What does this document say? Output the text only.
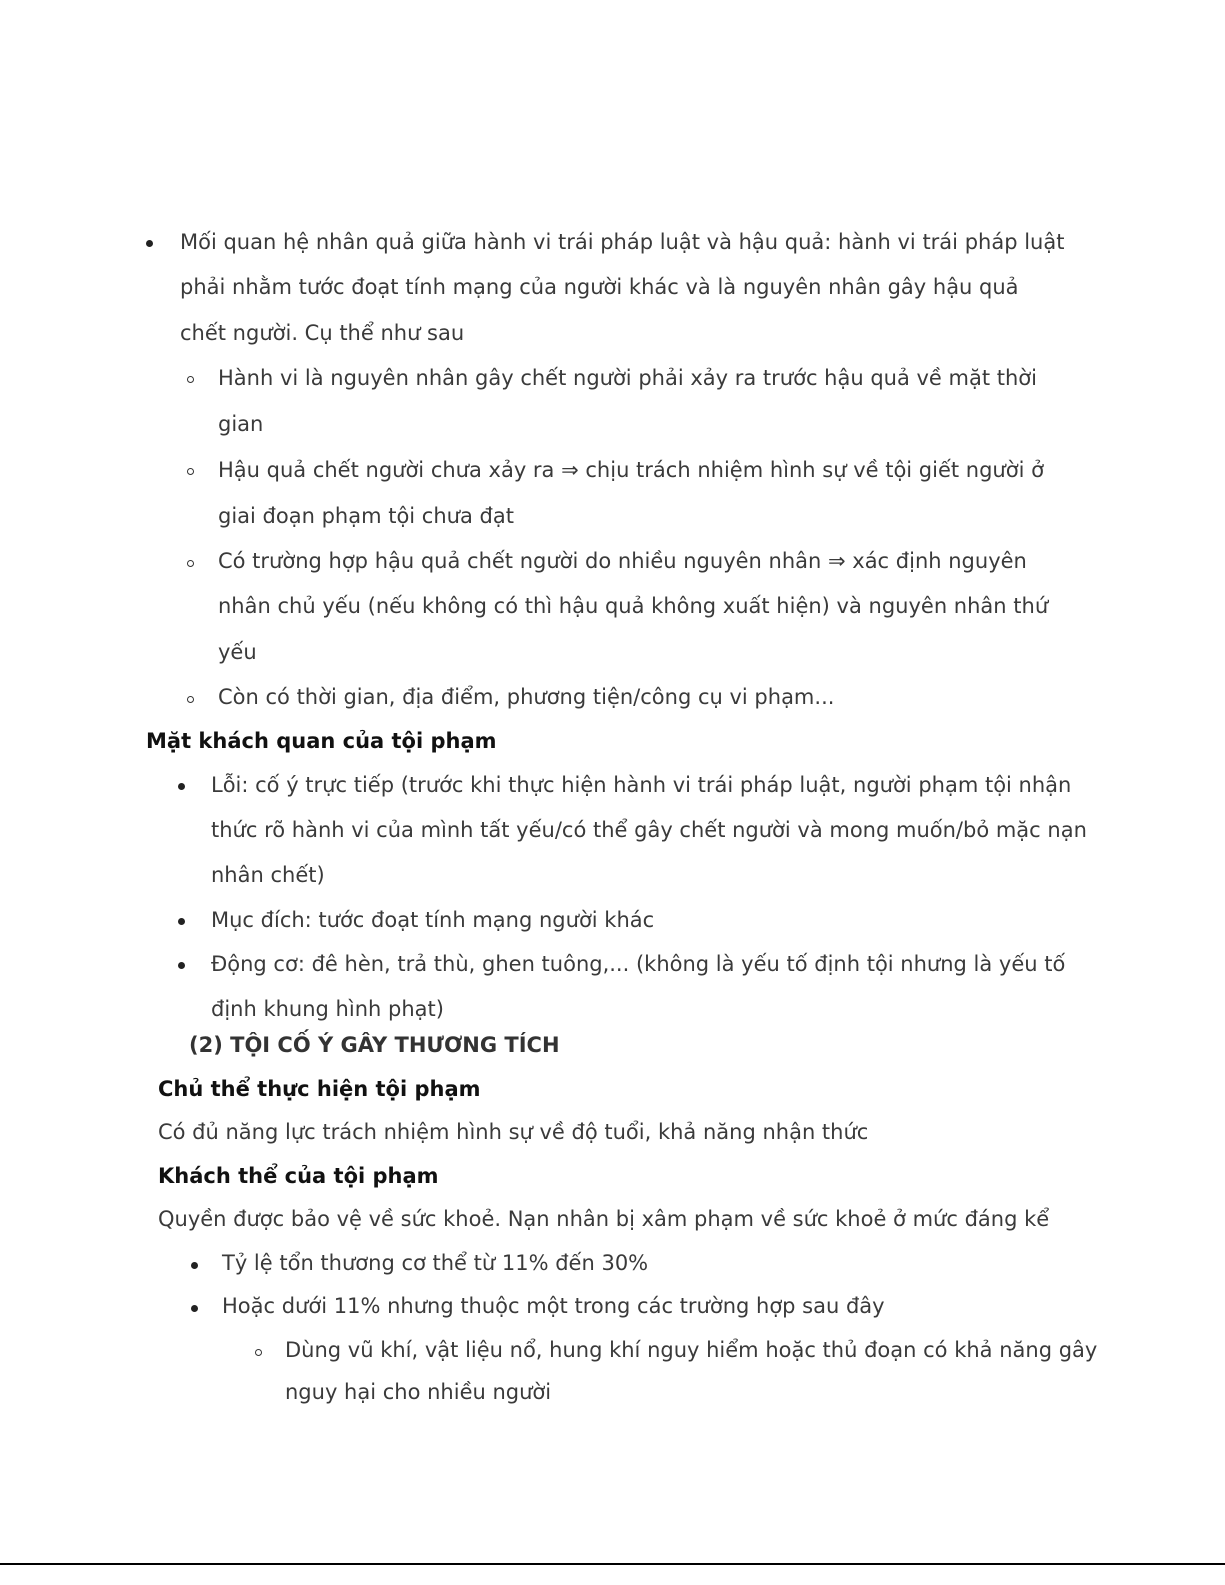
Mối quan hệ nhân quả giữa hành vi trái pháp luật và hậu quả: hành vi trái pháp luật
phải nhằm tước đoạt tính mạng của người khác và là nguyên nhân gây hậu quả
chết người. Cụ thể như sau
Hành vi là nguyên nhân gây chết người phải xảy ra trước hậu quả về mặt thời
gian
Hậu quả chết người chưa xảy ra ⇒ chịu trách nhiệm hình sự về tội giết người ở
giai đoạn phạm tội chưa đạt
Có trường hợp hậu quả chết người do nhiều nguyên nhân ⇒ xác định nguyên
nhân chủ yếu (nếu không có thì hậu quả không xuất hiện) và nguyên nhân thứ
yếu
Còn có thời gian, địa điểm, phương tiện/công cụ vi phạm...
Mặt khách quan của tội phạm
Lỗi: cố ý trực tiếp (trước khi thực hiện hành vi trái pháp luật, người phạm tội nhận
thức rõ hành vi của mình tất yếu/có thể gây chết người và mong muốn/bỏ mặc nạn
nhân chết)
Mục đích: tước đoạt tính mạng người khác
Động cơ: đê hèn, trả thù, ghen tuông,... (không là yếu tố định tội nhưng là yếu tố
định khung hình phạt)
(2) TỘI CỐ Ý GÂY THƯƠNG TÍCH
Chủ thể thực hiện tội phạm
Có đủ năng lực trách nhiệm hình sự về độ tuổi, khả năng nhận thức
Khách thể của tội phạm
Quyền được bảo vệ về sức khoẻ. Nạn nhân bị xâm phạm về sức khoẻ ở mức đáng kể
Tỷ lệ tổn thương cơ thể từ 11% đến 30%
Hoặc dưới 11% nhưng thuộc một trong các trường hợp sau đây
Dùng vũ khí, vật liệu nổ, hung khí nguy hiểm hoặc thủ đoạn có khả năng gây
nguy hại cho nhiều người
